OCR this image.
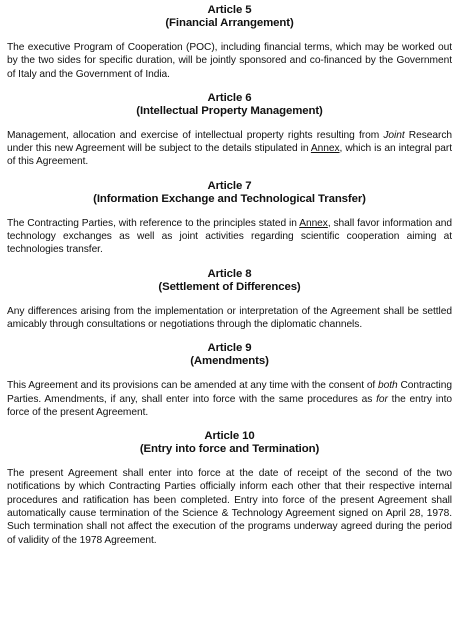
Article 5
(Financial Arrangement)

The executive Program of Cooperation (POC), including financial terms, which may be worked out by the two sides for specific duration, will be jointly sponsored and co-financed by the Government of Italy and the Government of India.

Article 6
(Intellectual Property Management)

Management, allocation and exercise of intellectual property rights resulting from Joint Research under this new Agreement will be subject to the details stipulated in Annex, which is an integral part of this Agreement.

Article 7
(Information Exchange and Technological Transfer)

The Contracting Parties, with reference to the principles stated in Annex, shall favor information and technology exchanges as well as joint activities regarding scientific cooperation aiming at technologies transfer.

Article 8
(Settlement of Differences)

Any differences arising from the implementation or interpretation of the Agreement shall be settled amicably through consultations or negotiations through the diplomatic channels.

Article 9
(Amendments)

This Agreement and its provisions can be amended at any time with the consent of both Contracting Parties. Amendments, if any, shall enter into force with the same procedures as for the entry into force of the present Agreement.

Article 10
(Entry into force and Termination)

The present Agreement shall enter into force at the date of receipt of the second of the two notifications by which Contracting Parties officially inform each other that their respective internal procedures and ratification has been completed. Entry into force of the present Agreement shall automatically cause termination of the Science & Technology Agreement signed on April 28, 1978. Such termination shall not affect the execution of the programs underway agreed during the period of validity of the 1978 Agreement.
